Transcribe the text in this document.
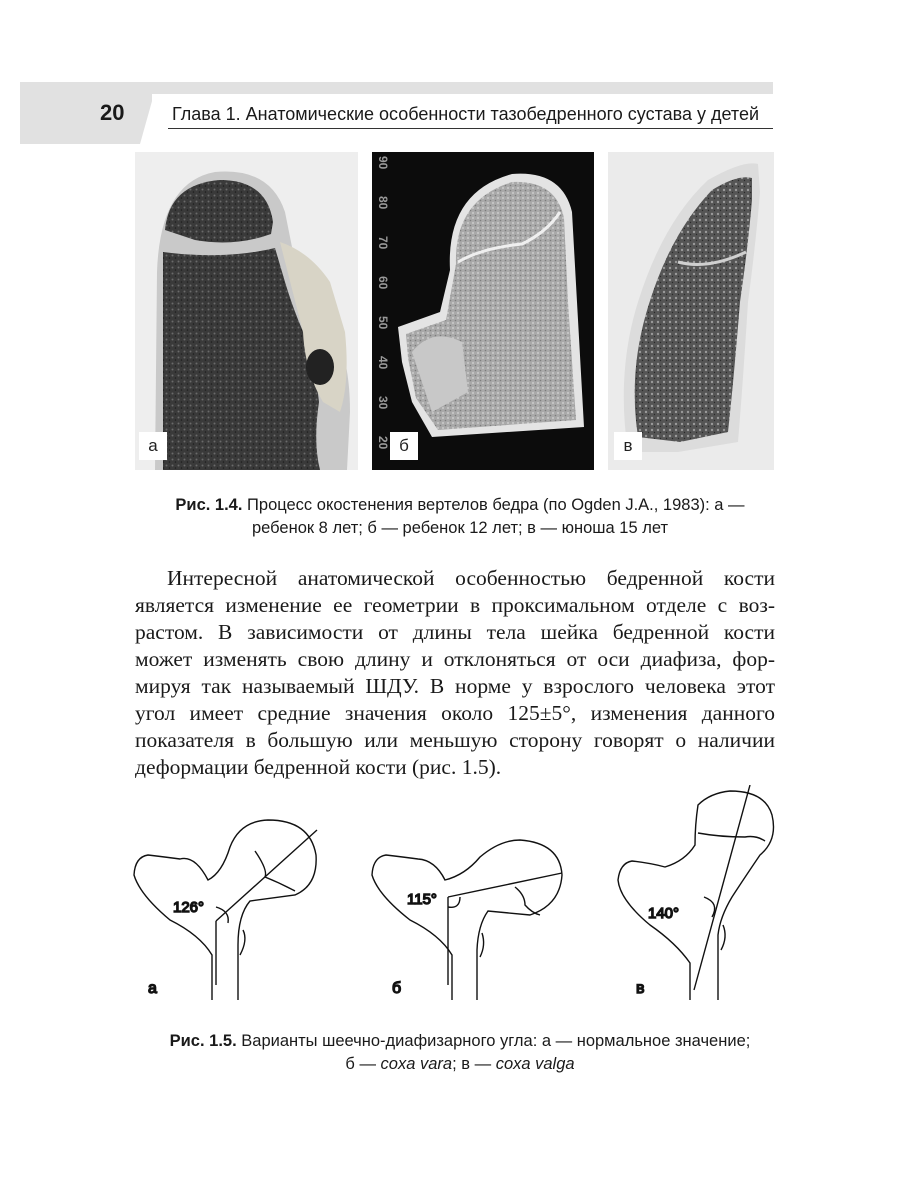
20	Глава 1. Анатомические особенности тазобедренного сустава у детей
а
90
80
70
60
50
40
30
20 б	в
Рис. 1.4. Процесс окостенения вертелов бедра (по Ogden J.A., 1983): а —
ребенок 8 лет; б — ребенок 12 лет; в — юноша 15 лет
Интересной анатомической особенностью бедренной кости
является изменение ее геометрии в проксимальном отделе с воз-
растом. В зависимости от длины тела шейка бедренной кости
может изменять свою длину и отклоняться от оси диафиза, фор-
мируя так называемый ШДУ. В норме у взрослого человека этот
угол имеет средние значения около 125±5°, изменения данного
показателя в большую или меньшую сторону говорят о наличии
деформации бедренной кости (рис. 1.5).
126°
а
115°
б
140°
в
Рис. 1.5. Варианты шеечно-диафизарного угла: а — нормальное значение;
б — coxa vara; в — coxa valga
